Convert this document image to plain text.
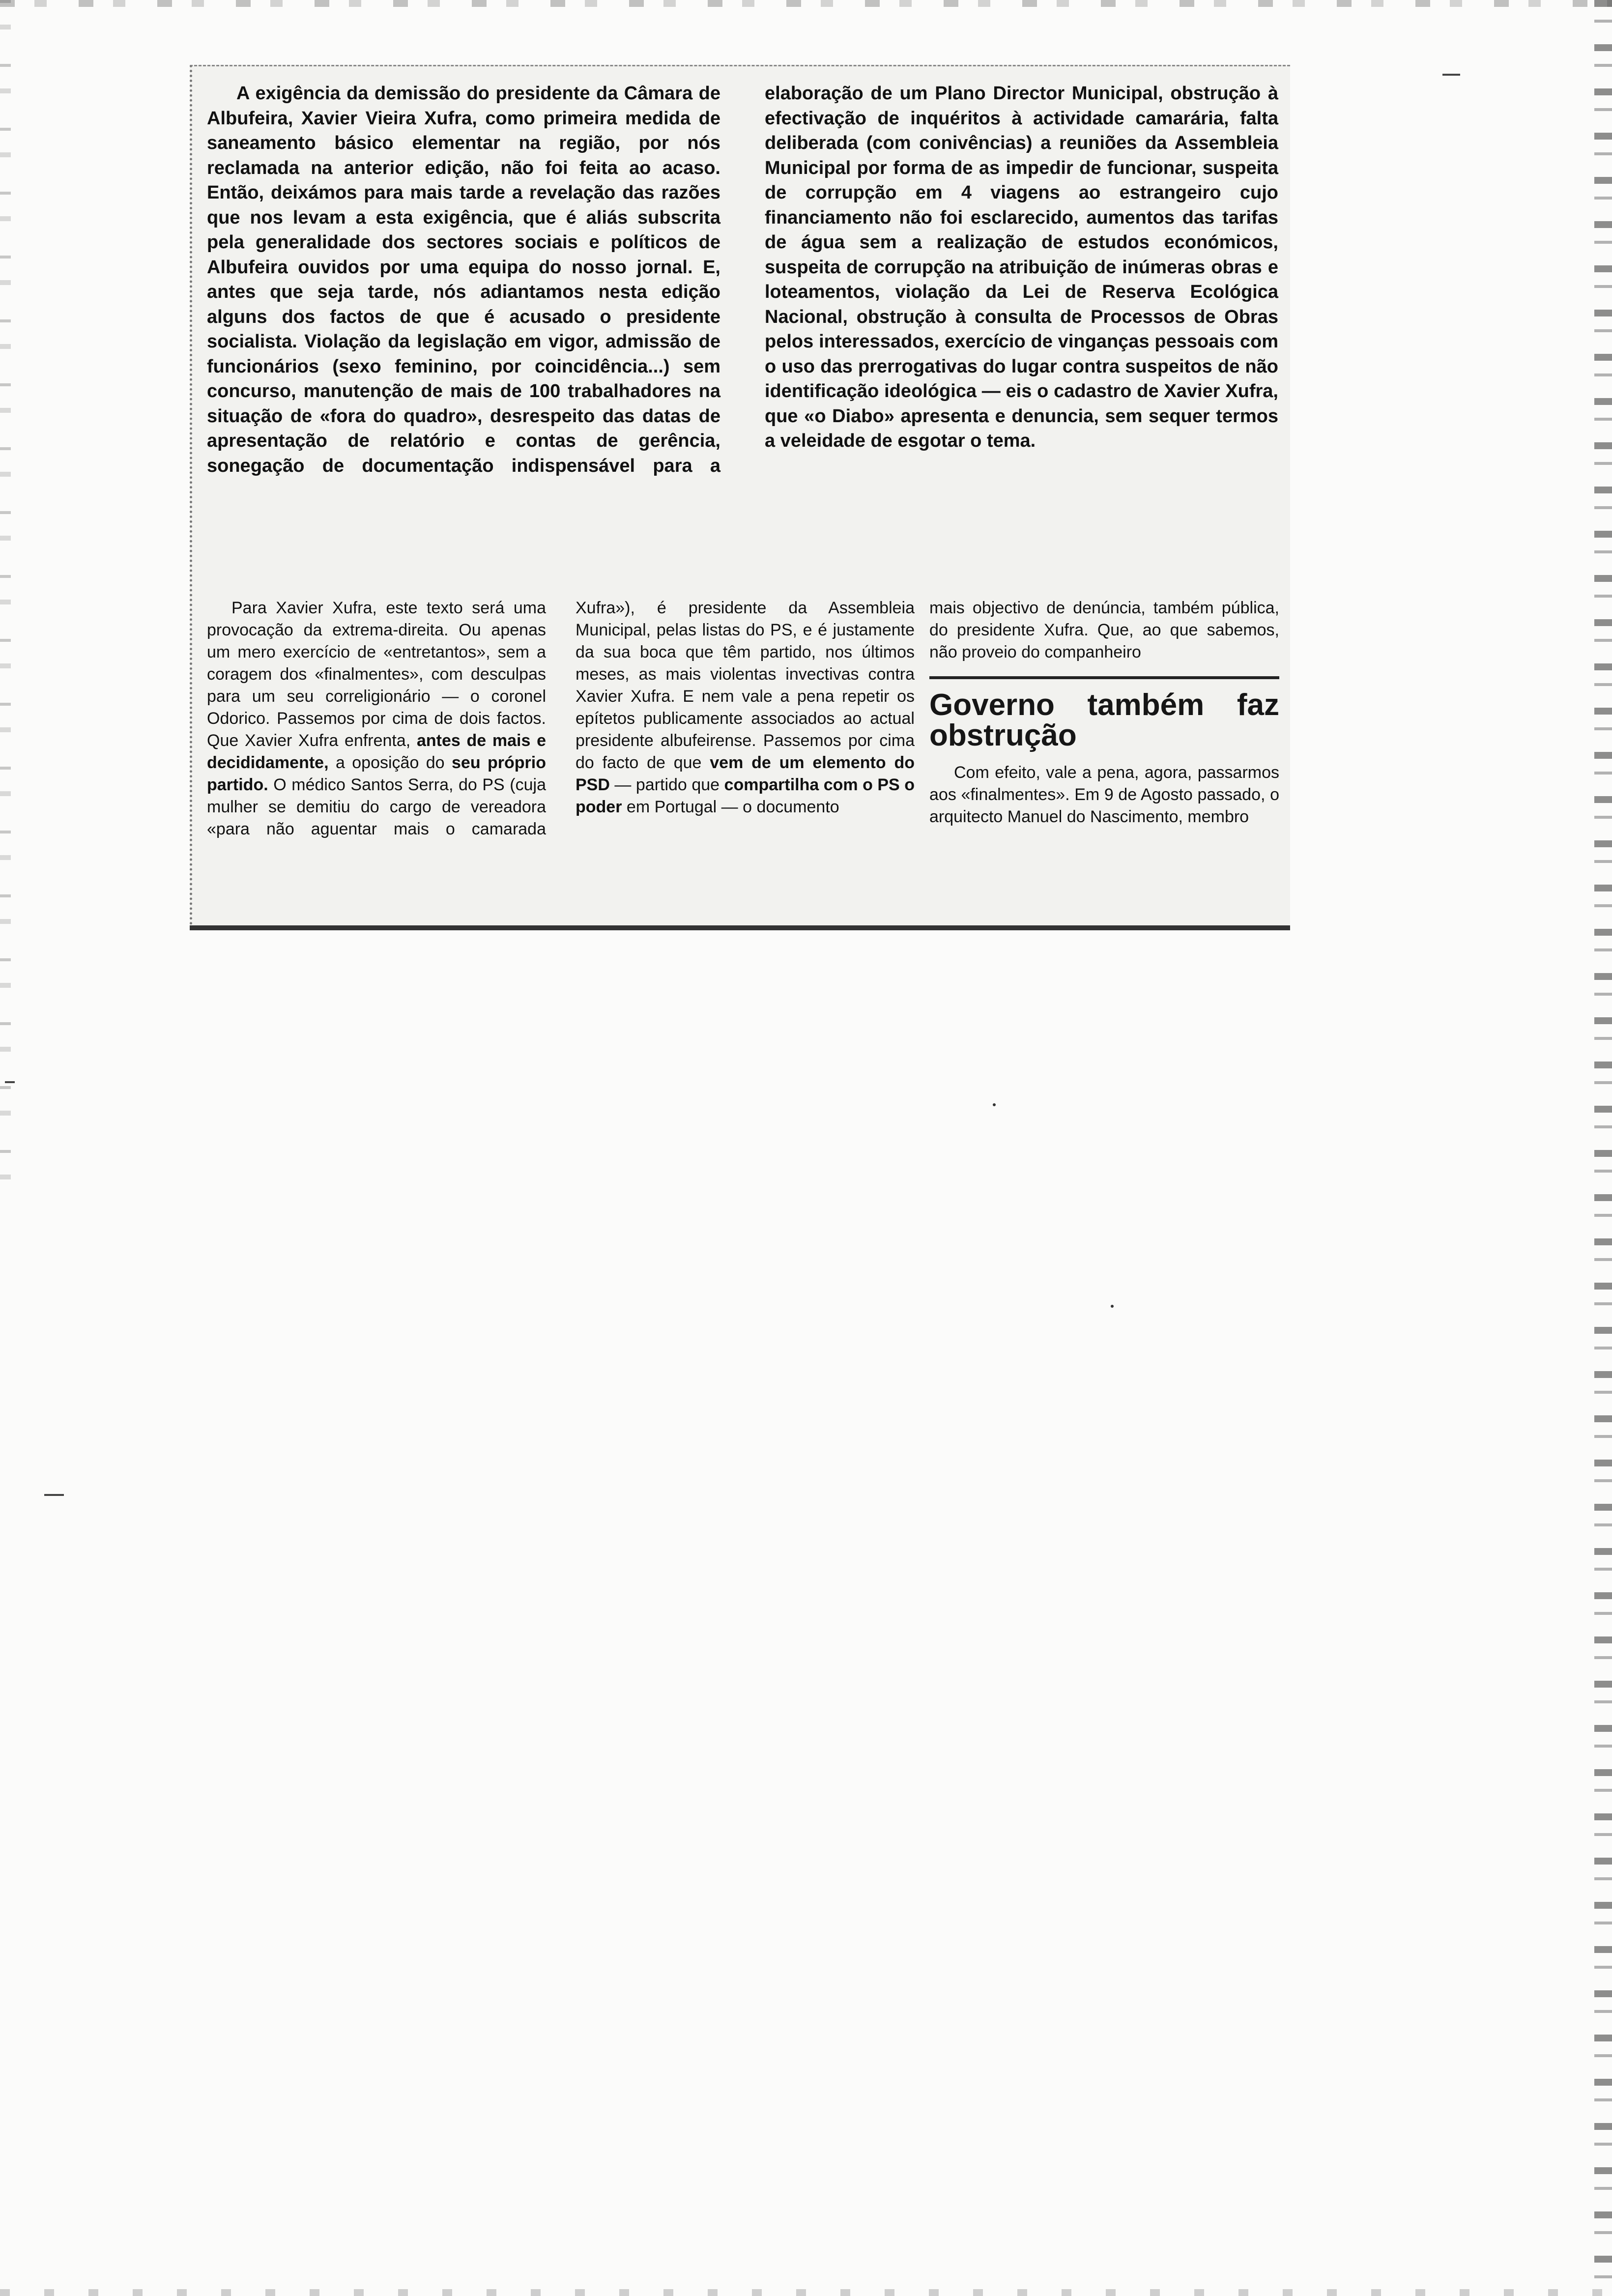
A exigência da demissão do presidente da Câmara de Albufeira, Xavier Vieira Xufra, como primeira medida de saneamento básico elementar na região, por nós reclamada na anterior edição, não foi feita ao acaso. Então, deixámos para mais tarde a revelação das razões que nos levam a esta exigência, que é aliás subscrita pela generalidade dos sectores sociais e políticos de Albufeira ouvidos por uma equipa do nosso jornal. E, antes que seja tarde, nós adiantamos nesta edição alguns dos factos de que é acusado o presidente socialista. Violação da legislação em vigor, admissão de funcionários (sexo feminino, por coincidência...) sem concurso, manutenção de mais de 100 trabalhadores na situação de «fora do quadro», desrespeito das datas de apresentação de relatório e contas de gerência, sonegação de documentação indispensável para a elaboração de um Plano Director Municipal, obstrução à efectivação de inquéritos à actividade camarária, falta deliberada (com conivências) a reuniões da Assembleia Municipal por forma de as impedir de funcionar, suspeita de corrupção em 4 viagens ao estrangeiro cujo financiamento não foi esclarecido, aumentos das tarifas de água sem a realização de estudos económicos, suspeita de corrupção na atribuição de inúmeras obras e loteamentos, violação da Lei de Reserva Ecológica Nacional, obstrução à consulta de Processos de Obras pelos interessados, exercício de vinganças pessoais com o uso das prerrogativas do lugar contra suspeitos de não identificação ideológica — eis o cadastro de Xavier Xufra, que «o Diabo» apresenta e denuncia, sem sequer termos a veleidade de esgotar o tema.

Para Xavier Xufra, este texto será uma provocação da extrema-direita. Ou apenas um mero exercício de «entretantos», sem a coragem dos «finalmentes», com desculpas para um seu correligionário — o coronel Odorico. Passemos por cima de dois factos. Que Xavier Xufra enfrenta, antes de mais e decididamente, a oposição do seu próprio partido. O médico Santos Serra, do PS (cuja mulher se demitiu do cargo de vereadora «para não aguentar mais o camarada Xufra»), é presidente da Assembleia Municipal, pelas listas do PS, e é justamente da sua boca que têm partido, nos últimos meses, as mais violentas invectivas contra Xavier Xufra. E nem vale a pena repetir os epítetos publicamente associados ao actual presidente albufeirense. Passemos por cima do facto de que vem de um elemento do PSD — partido que compartilha com o PS o poder em Portugal — o documento

mais objectivo de denúncia, também pública, do presidente Xufra. Que, ao que sabemos, não proveio do companheiro

Governo também faz obstrução

Com efeito, vale a pena, agora, passarmos aos «finalmentes». Em 9 de Agosto passado, o arquitecto Manuel do Nascimento, membro
